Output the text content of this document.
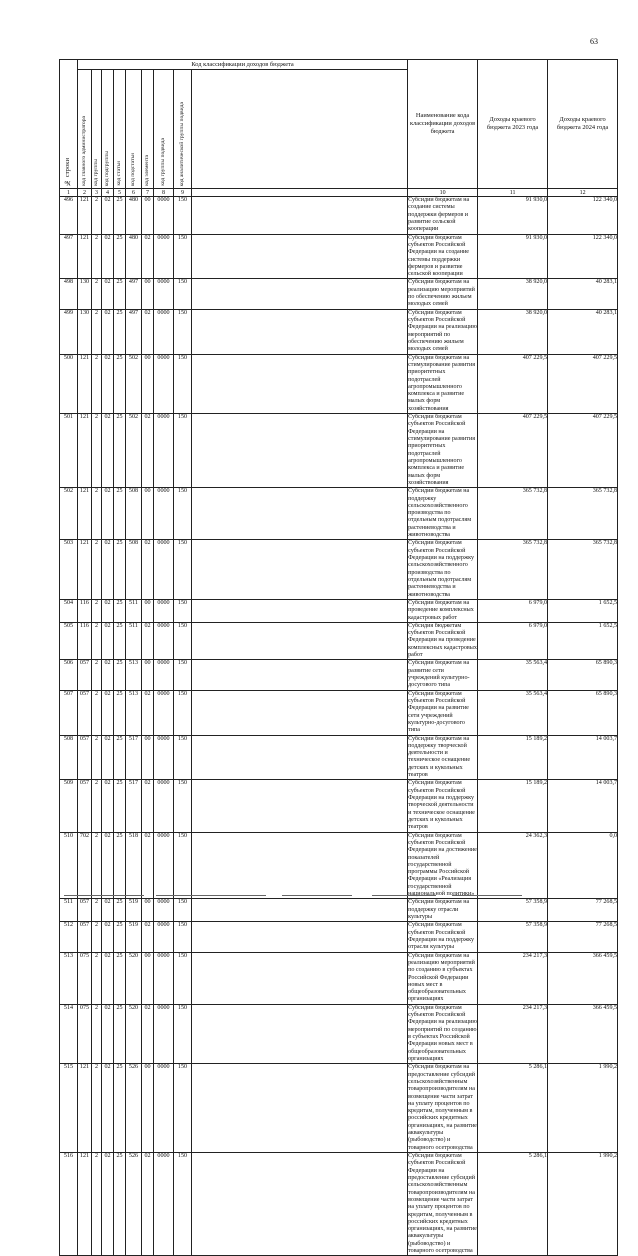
63
№ строки	Код классификации доходов бюджета									Наименование кода классификации доходов бюджета	Доходы краевого бюджета 2023 года	Доходы краевого бюджета 2024 года	

	код главного администратора	код группы	код подгруппы	код статьи	код подстатьи	код элемента	код группы подвида	код аналитической группы подвида					

1	2	3	4	5	6	7	8	9		10	11	12	
496	121	2	02	25	480	00	0000	150		Субсидии бюджетам на создание системы поддержки фермеров и развитие сельской кооперации	91 930,0	122 340,0	
497	121	2	02	25	480	02	0000	150		Субсидии бюджетам субъектов Российской Федерации на создание системы поддержки фермеров и развитие сельской кооперации	91 930,0	122 340,0	
498	130	2	02	25	497	00	0000	150		Субсидии бюджетам на реализацию мероприятий по обеспечению жильем молодых семей	38 920,0	40 283,1	
499	130	2	02	25	497	02	0000	150		Субсидии бюджетам субъектов Российской Федерации на реализацию мероприятий по обеспечению жильем молодых семей	38 920,0	40 283,1	
500	121	2	02	25	502	00	0000	150		Субсидии бюджетам на стимулирование развития приоритетных подотраслей агропромышленного комплекса и развитие малых форм хозяйствования	407 229,5	407 229,5	
501	121	2	02	25	502	02	0000	150		Субсидии бюджетам субъектов Российской Федерации на стимулирование развития приоритетных подотраслей агропромышленного комплекса и развитие малых форм хозяйствования	407 229,5	407 229,5	
502	121	2	02	25	508	00	0000	150		Субсидии бюджетам на поддержку сельскохозяйственного производства по отдельным подотраслям растениеводства и животноводства	365 732,8	365 732,8	
503	121	2	02	25	508	02	0000	150		Субсидии бюджетам субъектов Российской Федерации на поддержку сельскохозяйственного производства по отдельным подотраслям растениеводства и животноводства	365 732,8	365 732,8	
504	116	2	02	25	511	00	0000	150		Субсидии бюджетам на проведение комплексных кадастровых работ	6 979,0	1 652,5	
505	116	2	02	25	511	02	0000	150		Субсидия бюджетам субъектов Российской Федерации на проведение комплексных кадастровых работ	6 979,0	1 652,5	
506	057	2	02	25	513	00	0000	150		Субсидии бюджетам на развитие сети учреждений культурно-досугового типа	35 563,4	65 890,3	
507	057	2	02	25	513	02	0000	150		Субсидии бюджетам субъектов Российской Федерации на развитие сети учреждений культурно-досугового типа	35 563,4	65 890,3	
508	057	2	02	25	517	00	0000	150		Субсидии бюджетам на поддержку творческой деятельности и техническое оснащение детских и кукольных театров	15 189,2	14 003,7	
509	057	2	02	25	517	02	0000	150		Субсидии бюджетам субъектов Российской Федерации на поддержку творческой деятельности и техническое оснащение детских и кукольных театров	15 189,2	14 003,7	
510	702	2	02	25	518	02	0000	150		Субсидии бюджетам субъектов Российской Федерации на достижение показателей государственной программы Российской Федерации «Реализация государственной национальной политики»	24 362,3	0,0	
511	057	2	02	25	519	00	0000	150		Субсидии бюджетам на поддержку отрасли культуры	57 358,9	77 268,5	
512	057	2	02	25	519	02	0000	150		Субсидии бюджетам субъектов Российской Федерации на поддержку отрасли культуры	57 358,9	77 268,5	
513	075	2	02	25	520	00	0000	150		Субсидии бюджетам на реализацию мероприятий по созданию в субъектах Российской Федерации новых мест в общеобразовательных организациях	234 217,3	366 459,5	
514	075	2	02	25	520	02	0000	150		Субсидии бюджетам субъектов Российской Федерации на реализацию мероприятий по созданию в субъектах Российской Федерации новых мест в общеобразовательных организациях	234 217,3	366 459,5	
515	121	2	02	25	526	00	0000	150		Субсидии бюджетам на предоставление субсидий сельскохозяйственным товаропроизводителям на возмещение части затрат на уплату процентов по кредитам, полученным в российских кредитных организациях, на развитие аквакультуры (рыбоводство) и товарного осетроводства	5 286,1	1 990,2	
516	121	2	02	25	526	02	0000	150		Субсидии бюджетам субъектов Российской Федерации на предоставление субсидий сельскохозяйственным товаропроизводителям на возмещение части затрат на уплату процентов по кредитам, полученным в российских кредитных организациях, на развитие аквакультуры (рыбоводство) и товарного осетроводства	5 286,1	1 990,2	
